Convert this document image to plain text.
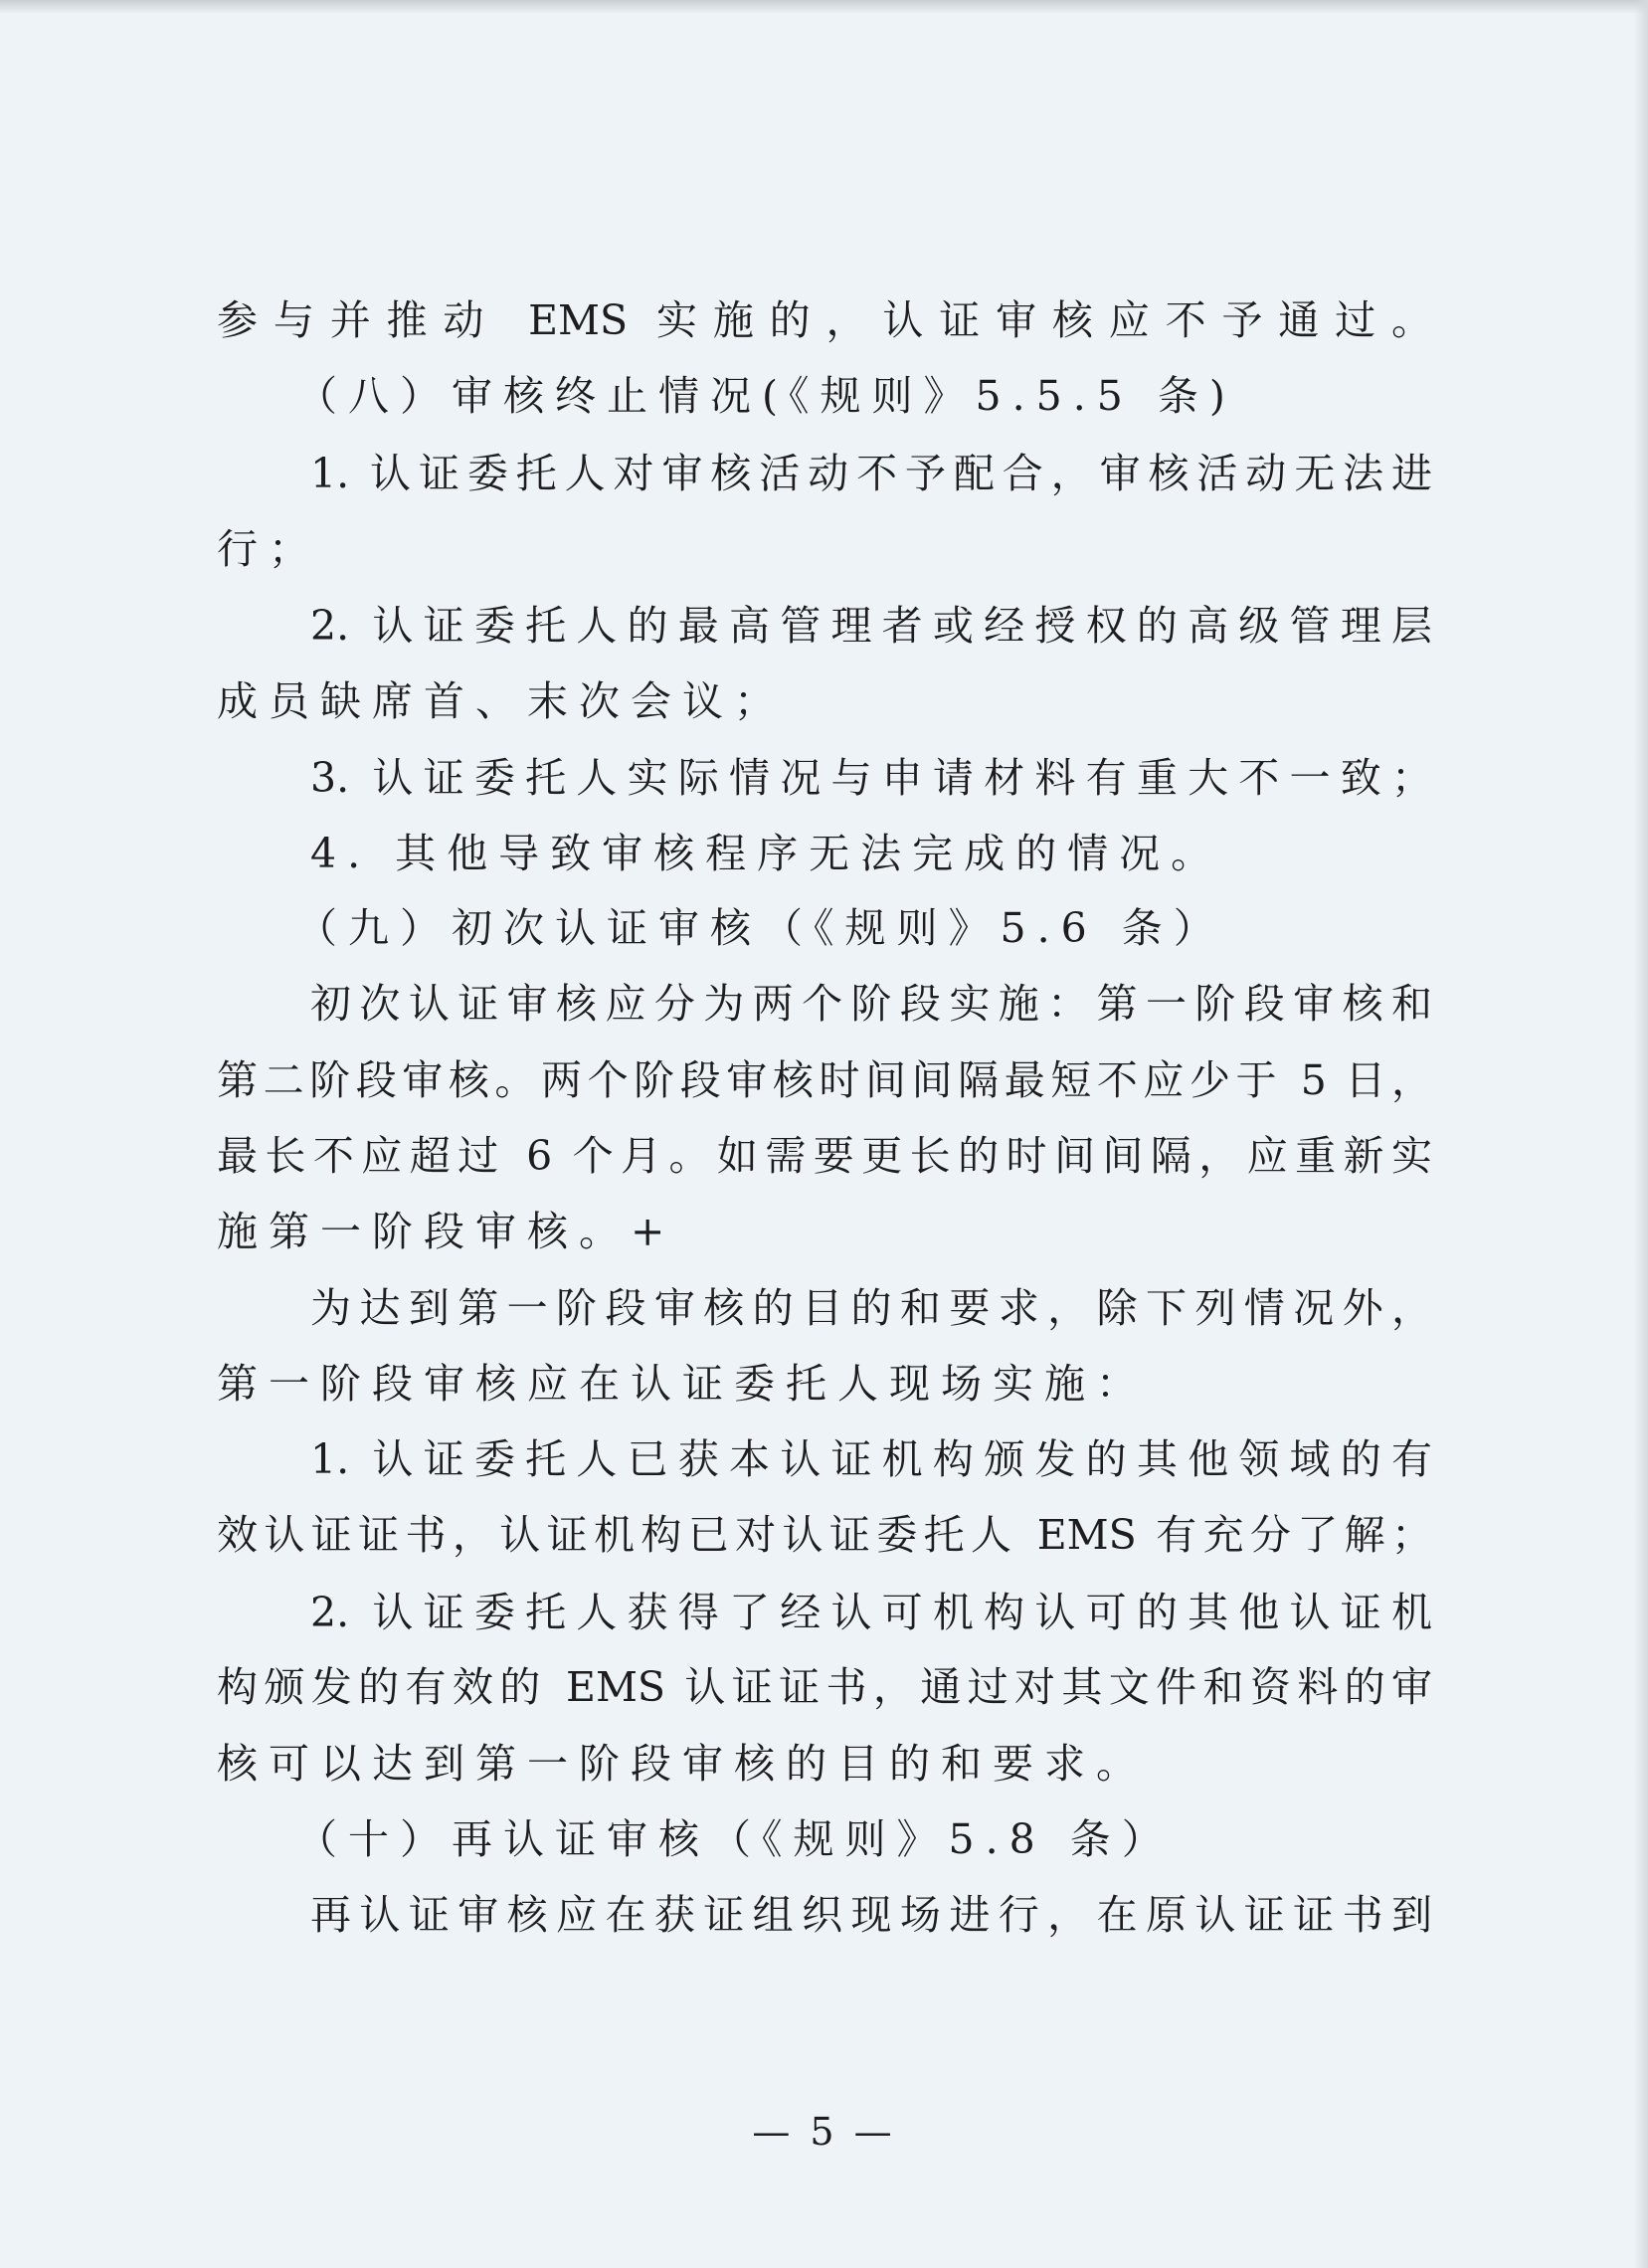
参与并推动 EMS 实施的，认证审核应不予通过。
（八）审核终止情况(《规则》5.5.5 条)
1. 认证委托人对审核活动不予配合，审核活动无法进
行；
2. 认证委托人的最高管理者或经授权的高级管理层
成员缺席首、末次会议；
3. 认证委托人实际情况与申请材料有重大不一致；
4. 其他导致审核程序无法完成的情况。
（九）初次认证审核（《规则》5.6 条）
初次认证审核应分为两个阶段实施：第一阶段审核和
第二阶段审核。两个阶段审核时间间隔最短不应少于 5 日，
最长不应超过 6 个月。如需要更长的时间间隔，应重新实
施第一阶段审核。+
为达到第一阶段审核的目的和要求，除下列情况外，
第一阶段审核应在认证委托人现场实施：
1. 认证委托人已获本认证机构颁发的其他领域的有
效认证证书，认证机构已对认证委托人 EMS 有充分了解；
2. 认证委托人获得了经认可机构认可的其他认证机
构颁发的有效的 EMS 认证证书，通过对其文件和资料的审
核可以达到第一阶段审核的目的和要求。
（十）再认证审核（《规则》5.8 条）
再认证审核应在获证组织现场进行，在原认证证书到
— 5 —
